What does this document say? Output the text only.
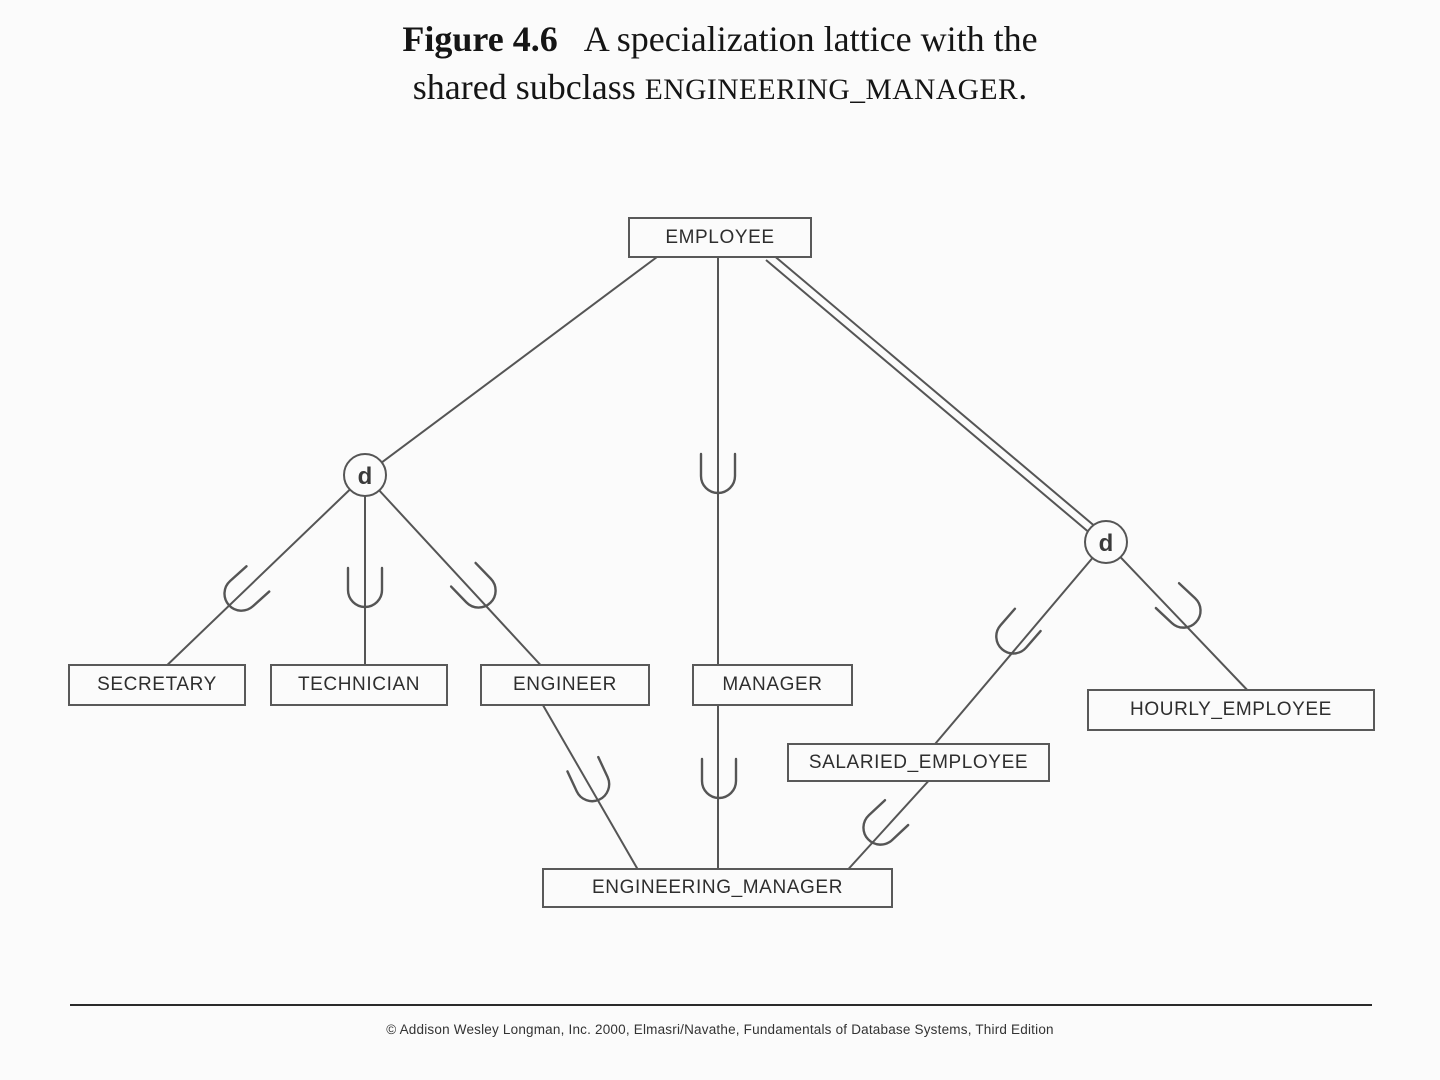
Figure 4.6 A specialization lattice with the
shared subclass ENGINEERING_MANAGER.
d
d
EMPLOYEE
SECRETARY	TECHNICIAN	ENGINEER	MANAGER
SALARIED_EMPLOYEE
HOURLY_EMPLOYEE
ENGINEERING_MANAGER
© Addison Wesley Longman, Inc. 2000, Elmasri/Navathe, Fundamentals of Database Systems, Third Edition
